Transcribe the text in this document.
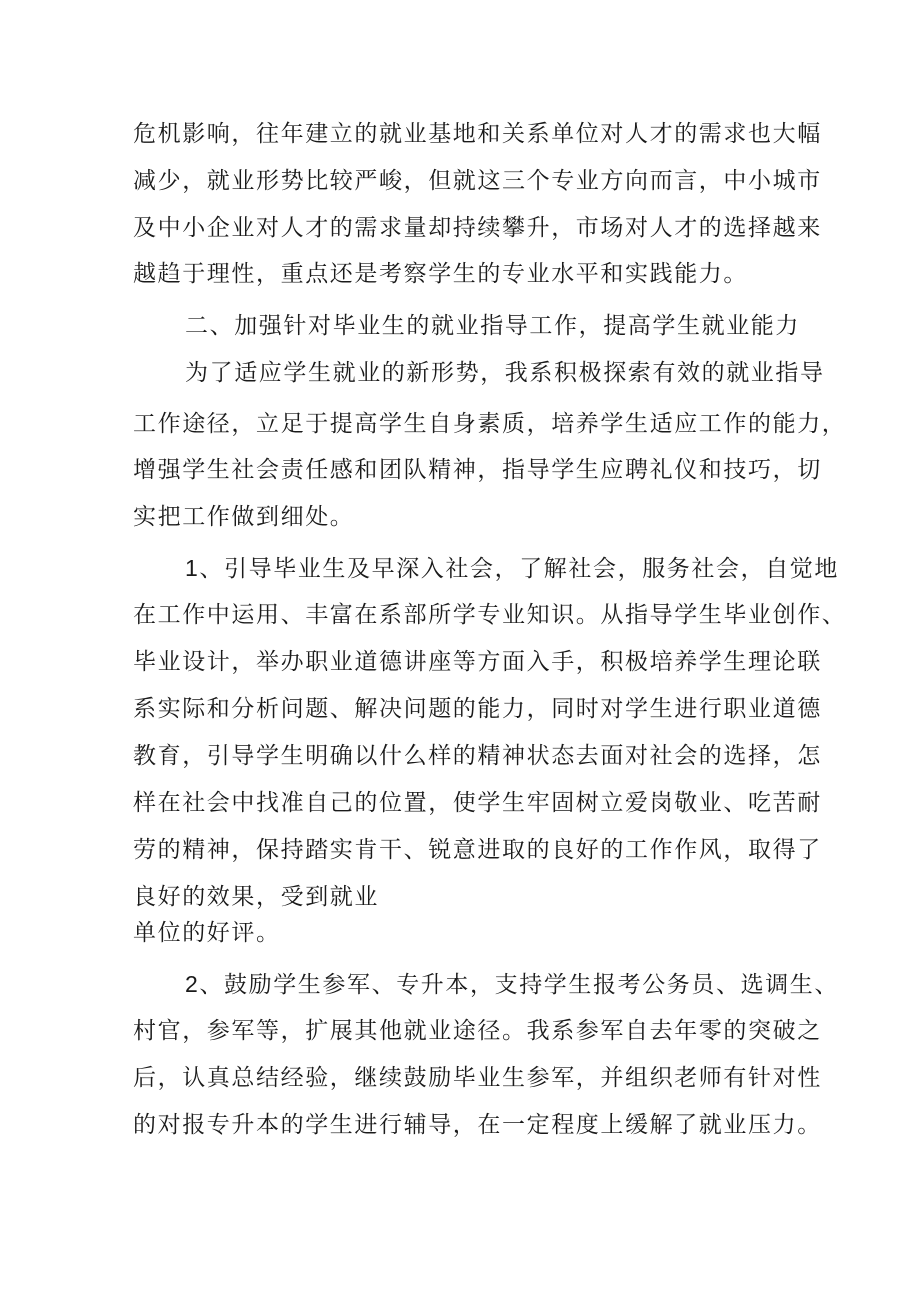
危机影响，往年建立的就业基地和关系单位对人才的需求也大幅
减少，就业形势比较严峻，但就这三个专业方向而言，中小城市
及中小企业对人才的需求量却持续攀升，市场对人才的选择越来
越趋于理性，重点还是考察学生的专业水平和实践能力。
二、加强针对毕业生的就业指导工作，提高学生就业能力
为了适应学生就业的新形势，我系积极探索有效的就业指导
工作途径，立足于提高学生自身素质，培养学生适应工作的能力，
增强学生社会责任感和团队精神，指导学生应聘礼仪和技巧，切
实把工作做到细处。
1、引导毕业生及早深入社会，了解社会，服务社会，自觉地
在工作中运用、丰富在系部所学专业知识。从指导学生毕业创作、
毕业设计，举办职业道德讲座等方面入手，积极培养学生理论联
系实际和分析问题、解决问题的能力，同时对学生进行职业道德
教育，引导学生明确以什么样的精神状态去面对社会的选择，怎
样在社会中找准自己的位置，使学生牢固树立爱岗敬业、吃苦耐
劳的精神，保持踏实肯干、锐意进取的良好的工作作风，取得了
良好的效果，受到就业
单位的好评。
2、鼓励学生参军、专升本，支持学生报考公务员、选调生、
村官，参军等，扩展其他就业途径。我系参军自去年零的突破之
后，认真总结经验，继续鼓励毕业生参军，并组织老师有针对性
的对报专升本的学生进行辅导，在一定程度上缓解了就业压力。
